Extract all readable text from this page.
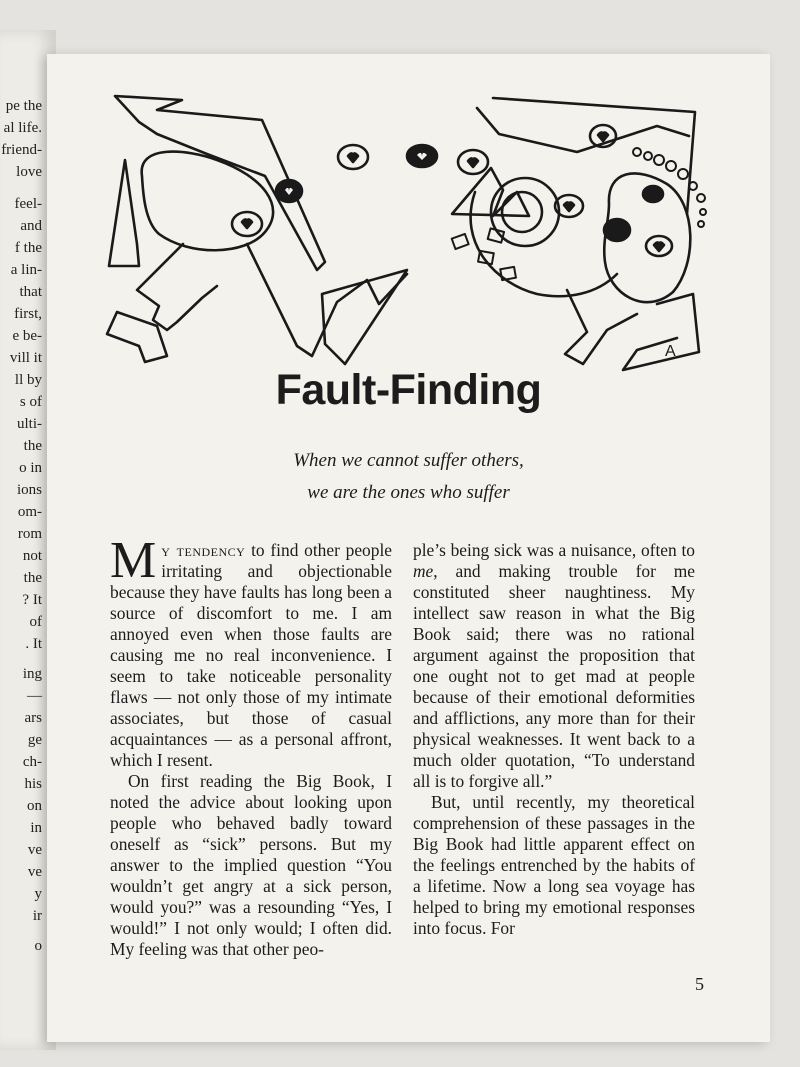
pe the
al life.
friend-
love
feel-
and
f the
a lin-
that
first,
e be-
vill it
ll by
s of
ulti-
the
o in
ions
om-
rom
not
the
? It
of
. It
ing
—
ars
ge
ch-
his
on
in
ve
ve
y
ir
o
A
Fault-Finding

When we cannot suffer others,

we are the ones who suffer

My tendency to find other people irritating and objectionable because they have faults has long been a source of discomfort to me. I am annoyed even when those faults are causing me no real inconvenience. I seem to take noticeable personality flaws — not only those of my intimate associates, but those of casual acquaintances — as a personal affront, which I resent.

On first reading the Big Book, I noted the advice about looking upon people who behaved badly toward oneself as “sick” persons. But my answer to the implied question “You wouldn’t get angry at a sick person, would you?” was a resounding “Yes, I would!” I not only would; I often did. My feeling was that other peo-

ple’s being sick was a nuisance, often to me, and making trouble for me constituted sheer naughtiness. My intellect saw reason in what the Big Book said; there was no rational argument against the proposition that one ought not to get mad at people because of their emotional deformities and afflictions, any more than for their physical weaknesses. It went back to a much older quotation, “To understand all is to forgive all.”

But, until recently, my theoretical comprehension of these passages in the Big Book had little apparent effect on the feelings entrenched by the habits of a lifetime. Now a long sea voyage has helped to bring my emotional responses into focus. For

5
